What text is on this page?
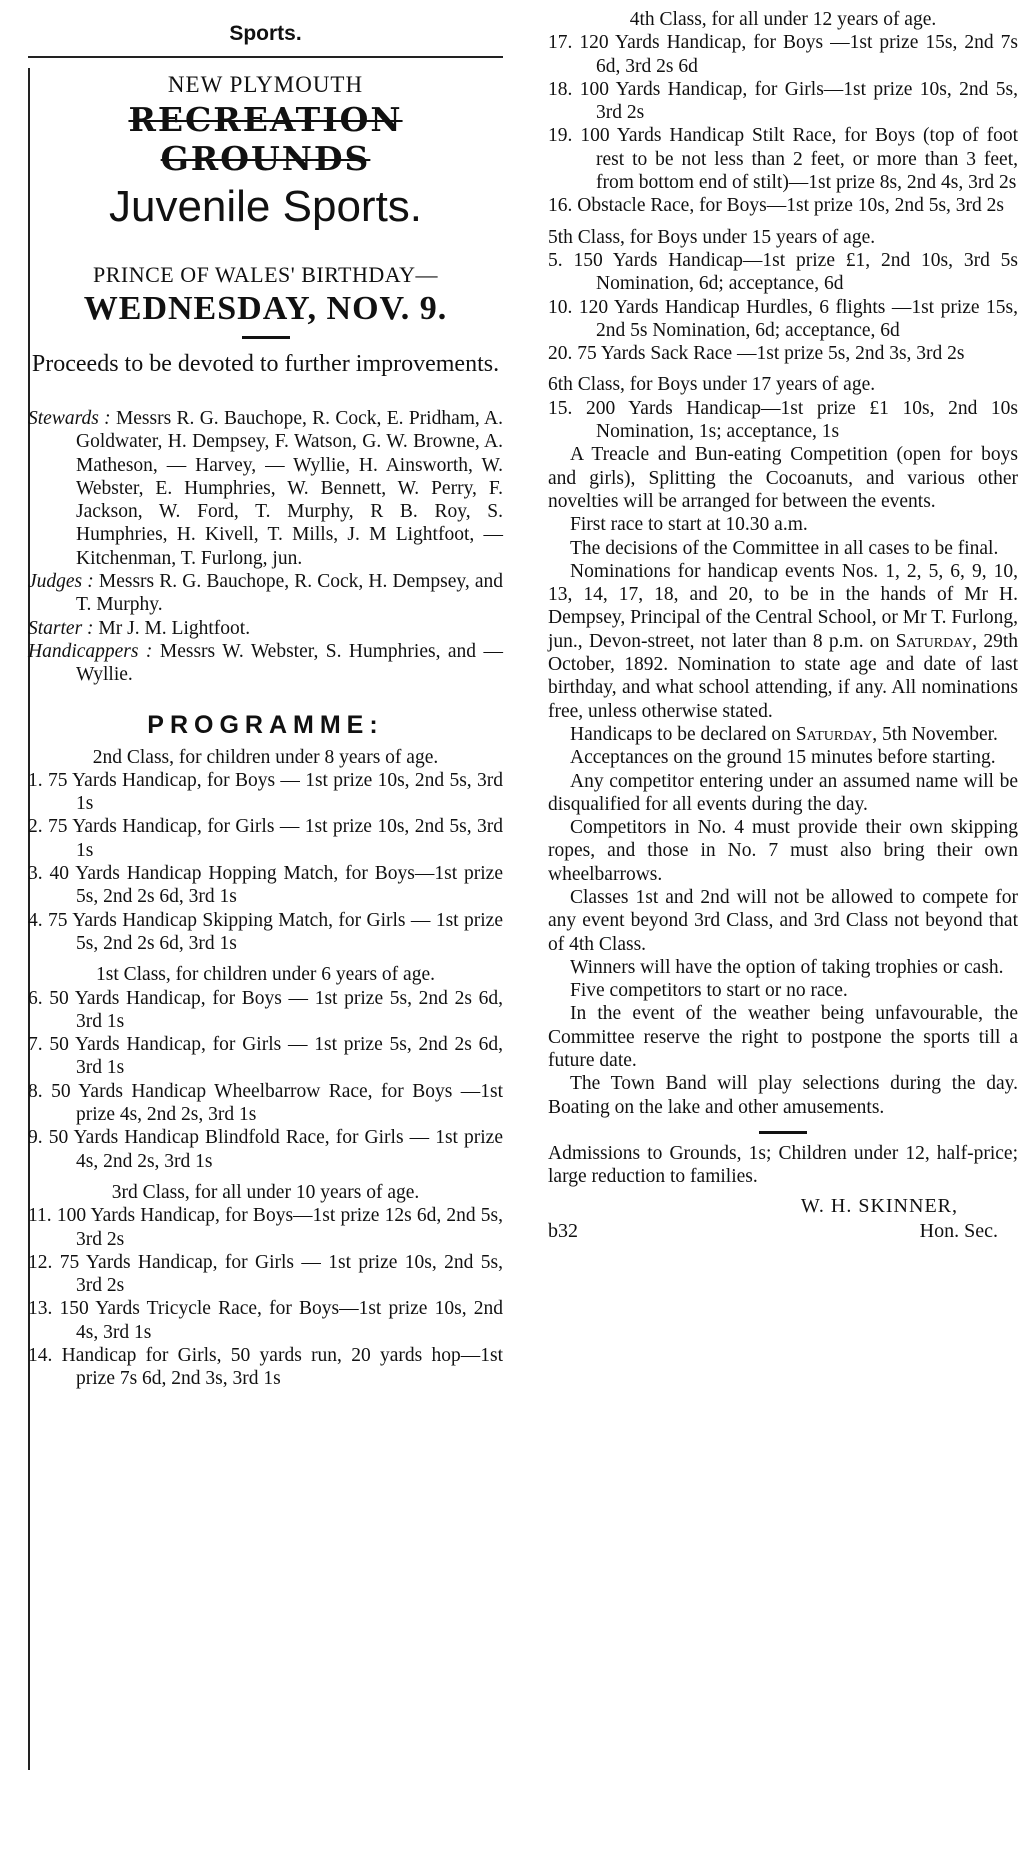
Sports.
NEW PLYMOUTH
RECREATION GROUNDS
Juvenile Sports.
PRINCE OF WALES' BIRTHDAY—
WEDNESDAY, NOV. 9.
Proceeds to be devoted to further improvements.

Stewards : Messrs R. G. Bauchope, R. Cock, E. Pridham, A. Goldwater, H. Dempsey, F. Watson, G. W. Browne, A. Matheson, — Harvey, — Wyllie, H. Ainsworth, W. Webster, E. Humphries, W. Bennett, W. Perry, F. Jackson, W. Ford, T. Murphy, R B. Roy, S. Humphries, H. Kivell, T. Mills, J. M Lightfoot, — Kitchenman, T. Furlong, jun.

Judges : Messrs R. G. Bauchope, R. Cock, H. Dempsey, and T. Murphy.

Starter : Mr J. M. Lightfoot.

Handicappers : Messrs W. Webster, S. Humphries, and — Wyllie.

PROGRAMME:

2nd Class, for children under 8 years of age.

1. 75 Yards Handicap, for Boys — 1st prize 10s, 2nd 5s, 3rd 1s

2. 75 Yards Handicap, for Girls — 1st prize 10s, 2nd 5s, 3rd 1s

3. 40 Yards Handicap Hopping Match, for Boys—1st prize 5s, 2nd 2s 6d, 3rd 1s

4. 75 Yards Handicap Skipping Match, for Girls — 1st prize 5s, 2nd 2s 6d, 3rd 1s

1st Class, for children under 6 years of age.

6. 50 Yards Handicap, for Boys — 1st prize 5s, 2nd 2s 6d, 3rd 1s

7. 50 Yards Handicap, for Girls — 1st prize 5s, 2nd 2s 6d, 3rd 1s

8. 50 Yards Handicap Wheelbarrow Race, for Boys —1st prize 4s, 2nd 2s, 3rd 1s

9. 50 Yards Handicap Blindfold Race, for Girls — 1st prize 4s, 2nd 2s, 3rd 1s

3rd Class, for all under 10 years of age.

11. 100 Yards Handicap, for Boys—1st prize 12s 6d, 2nd 5s, 3rd 2s

12. 75 Yards Handicap, for Girls — 1st prize 10s, 2nd 5s, 3rd 2s

13. 150 Yards Tricycle Race, for Boys—1st prize 10s, 2nd 4s, 3rd 1s

14. Handicap for Girls, 50 yards run, 20 yards hop—1st prize 7s 6d, 2nd 3s, 3rd 1s

4th Class, for all under 12 years of age.

17. 120 Yards Handicap, for Boys —1st prize 15s, 2nd 7s 6d, 3rd 2s 6d

18. 100 Yards Handicap, for Girls—1st prize 10s, 2nd 5s, 3rd 2s

19. 100 Yards Handicap Stilt Race, for Boys (top of foot rest to be not less than 2 feet, or more than 3 feet, from bottom end of stilt)—1st prize 8s, 2nd 4s, 3rd 2s

16. Obstacle Race, for Boys—1st prize 10s, 2nd 5s, 3rd 2s

5th Class, for Boys under 15 years of age.

5. 150 Yards Handicap—1st prize £1, 2nd 10s, 3rd 5s Nomination, 6d; acceptance, 6d

10. 120 Yards Handicap Hurdles, 6 flights —1st prize 15s, 2nd 5s Nomination, 6d; acceptance, 6d

20. 75 Yards Sack Race —1st prize 5s, 2nd 3s, 3rd 2s

6th Class, for Boys under 17 years of age.

15. 200 Yards Handicap—1st prize £1 10s, 2nd 10s Nomination, 1s; acceptance, 1s

A Treacle and Bun-eating Competition (open for boys and girls), Splitting the Cocoanuts, and various other novelties will be arranged for between the events.

First race to start at 10.30 a.m.

The decisions of the Committee in all cases to be final.

Nominations for handicap events Nos. 1, 2, 5, 6, 9, 10, 13, 14, 17, 18, and 20, to be in the hands of Mr H. Dempsey, Principal of the Central School, or Mr T. Furlong, jun., Devon-street, not later than 8 p.m. on Saturday, 29th October, 1892. Nomination to state age and date of last birthday, and what school attending, if any. All nominations free, unless otherwise stated.

Handicaps to be declared on Saturday, 5th November.

Acceptances on the ground 15 minutes before starting.

Any competitor entering under an assumed name will be disqualified for all events during the day.

Competitors in No. 4 must provide their own skipping ropes, and those in No. 7 must also bring their own wheelbarrows.

Classes 1st and 2nd will not be allowed to compete for any event beyond 3rd Class, and 3rd Class not beyond that of 4th Class.

Winners will have the option of taking trophies or cash.

Five competitors to start or no race.

In the event of the weather being unfavourable, the Committee reserve the right to postpone the sports till a future date.

The Town Band will play selections during the day. Boating on the lake and other amusements.

Admissions to Grounds, 1s; Children under 12, half-price; large reduction to families.

W. H. SKINNER,
b32	Hon. Sec.
